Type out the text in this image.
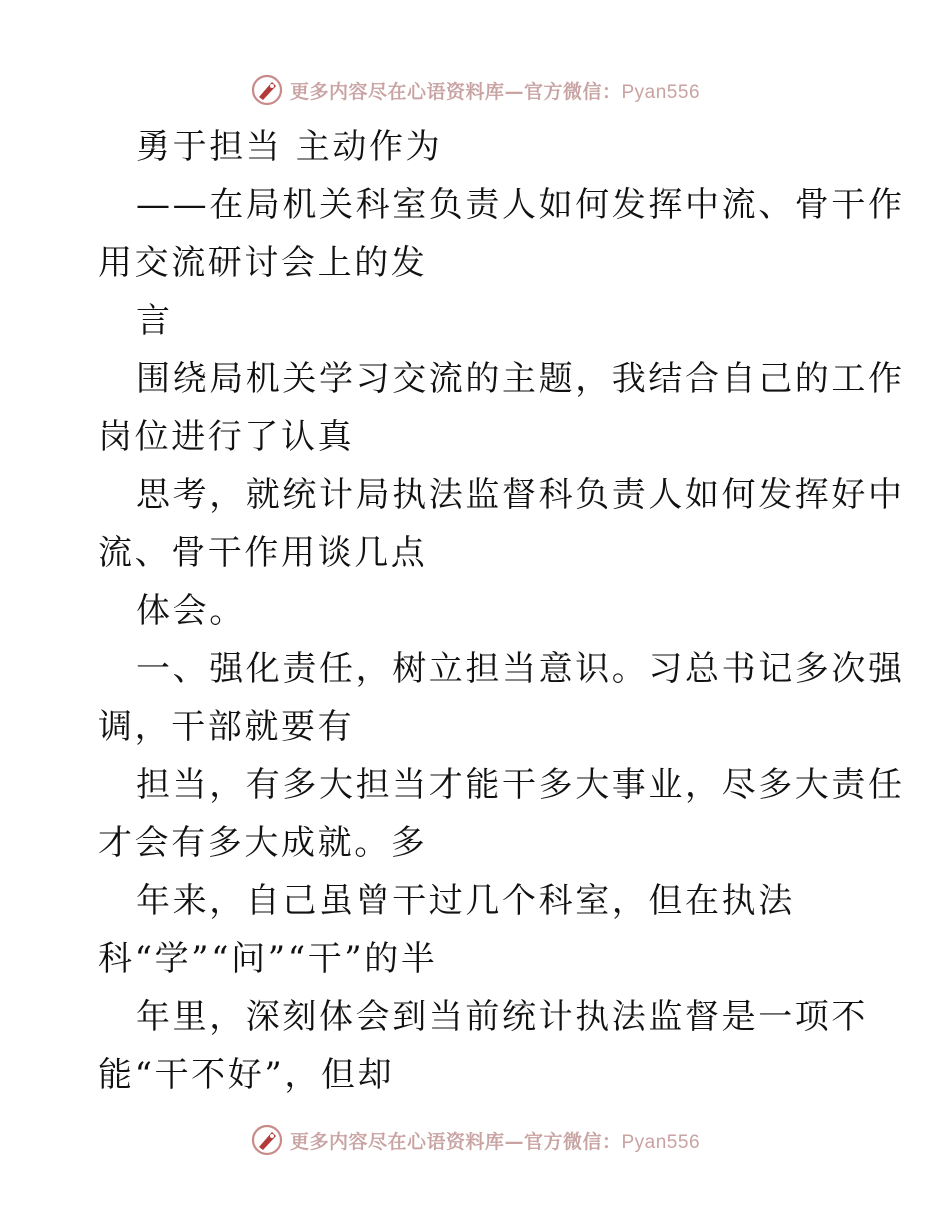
更多内容尽在心语资料库—官方微信：Pyan556
勇于担当 主动作为
——在局机关科室负责人如何发挥中流、骨干作
用交流研讨会上的发
言
围绕局机关学习交流的主题，我结合自己的工作
岗位进行了认真
思考，就统计局执法监督科负责人如何发挥好中
流、骨干作用谈几点
体会。
一、强化责任，树立担当意识。习总书记多次强
调，干部就要有
担当，有多大担当才能干多大事业，尽多大责任
才会有多大成就。多
年来，自己虽曾干过几个科室，但在执法
科“学”“问”“干”的半
年里，深刻体会到当前统计执法监督是一项不
能“干不好”，但却
更多内容尽在心语资料库—官方微信：Pyan556
